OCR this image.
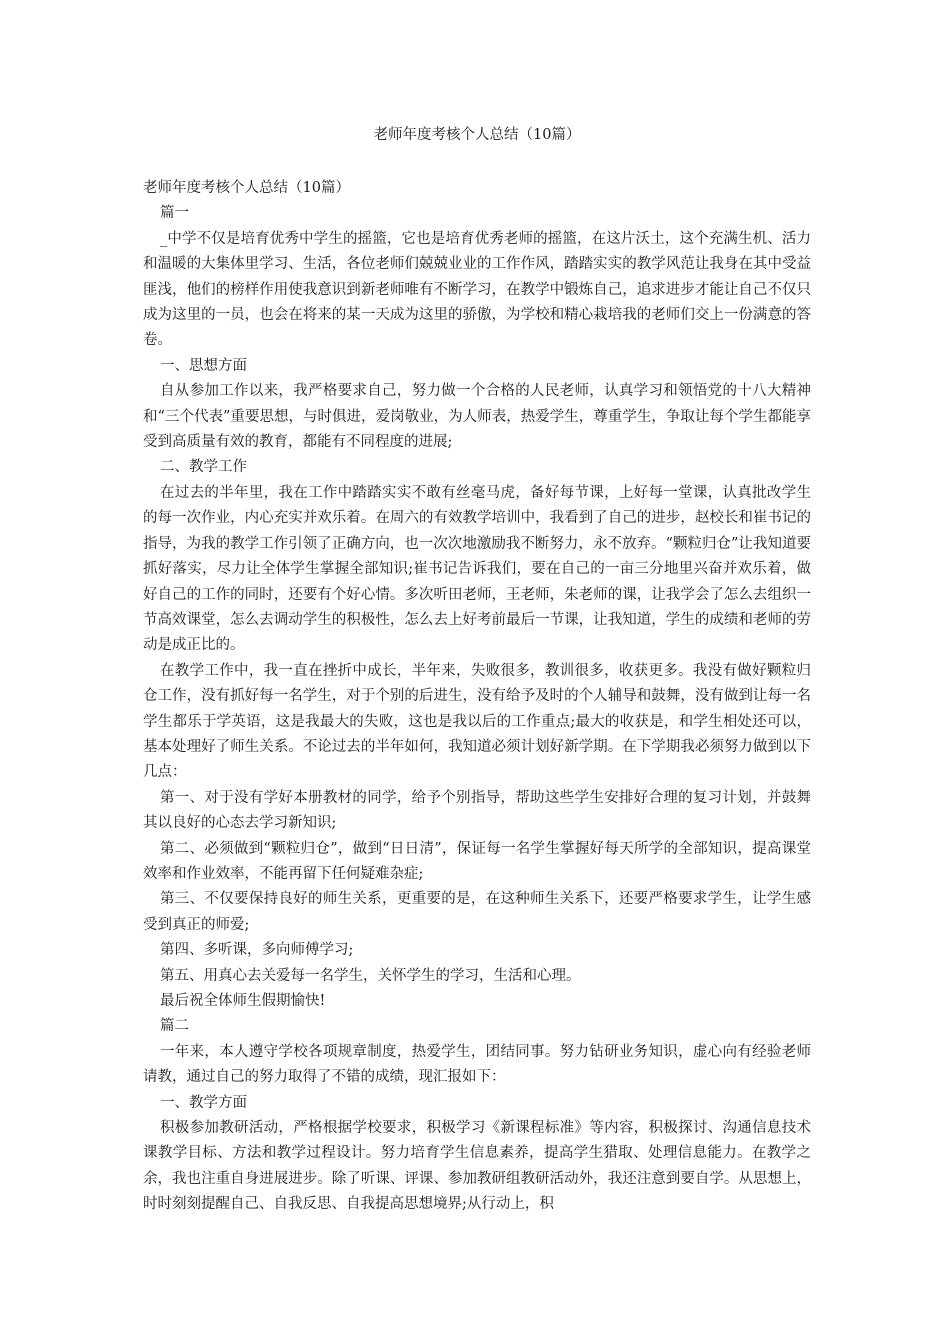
老师年度考核个人总结（10篇）

老师年度考核个人总结（10篇）

篇一

_中学不仅是培育优秀中学生的摇篮，它也是培育优秀老师的摇篮，在这片沃土，这个充满生机、活力和温暖的大集体里学习、生活，各位老师们兢兢业业的工作作风，踏踏实实的教学风范让我身在其中受益匪浅，他们的榜样作用使我意识到新老师唯有不断学习，在教学中锻炼自己，追求进步才能让自己不仅只成为这里的一员，也会在将来的某一天成为这里的骄傲，为学校和精心栽培我的老师们交上一份满意的答卷。

一、思想方面

自从参加工作以来，我严格要求自己，努力做一个合格的人民老师，认真学习和领悟党的十八大精神和“三个代表”重要思想，与时俱进，爱岗敬业，为人师表，热爱学生，尊重学生，争取让每个学生都能享受到高质量有效的教育，都能有不同程度的进展;

二、教学工作

在过去的半年里，我在工作中踏踏实实不敢有丝毫马虎，备好每节课，上好每一堂课，认真批改学生的每一次作业，内心充实并欢乐着。在周六的有效教学培训中，我看到了自己的进步，赵校长和崔书记的指导，为我的教学工作引领了正确方向，也一次次地激励我不断努力，永不放弃。“颗粒归仓”让我知道要抓好落实，尽力让全体学生掌握全部知识;崔书记告诉我们，要在自己的一亩三分地里兴奋并欢乐着，做好自己的工作的同时，还要有个好心情。多次听田老师，王老师，朱老师的课，让我学会了怎么去组织一节高效课堂，怎么去调动学生的积极性，怎么去上好考前最后一节课，让我知道，学生的成绩和老师的劳动是成正比的。

在教学工作中，我一直在挫折中成长，半年来，失败很多，教训很多，收获更多。我没有做好颗粒归仓工作，没有抓好每一名学生，对于个别的后进生，没有给予及时的个人辅导和鼓舞，没有做到让每一名学生都乐于学英语，这是我最大的失败，这也是我以后的工作重点;最大的收获是，和学生相处还可以，基本处理好了师生关系。不论过去的半年如何，我知道必须计划好新学期。在下学期我必须努力做到以下几点：

第一、对于没有学好本册教材的同学，给予个别指导，帮助这些学生安排好合理的复习计划，并鼓舞其以良好的心态去学习新知识;

第二、必须做到“颗粒归仓”，做到“日日清”，保证每一名学生掌握好每天所学的全部知识，提高课堂效率和作业效率，不能再留下任何疑难杂症;

第三、不仅要保持良好的师生关系，更重要的是，在这种师生关系下，还要严格要求学生，让学生感受到真正的师爱;

第四、多听课，多向师傅学习;

第五、用真心去关爱每一名学生，关怀学生的学习，生活和心理。

最后祝全体师生假期愉快!

篇二

一年来，本人遵守学校各项规章制度，热爱学生，团结同事。努力钻研业务知识，虚心向有经验老师请教，通过自己的努力取得了不错的成绩，现汇报如下：

一、教学方面

积极参加教研活动，严格根据学校要求，积极学习《新课程标准》等内容，积极探讨、沟通信息技术课教学目标、方法和教学过程设计。努力培育学生信息素养，提高学生猎取、处理信息能力。在教学之余，我也注重自身进展进步。除了听课、评课、参加教研组教研活动外，我还注意到要自学。从思想上，时时刻刻提醒自己、自我反思、自我提高思想境界;从行动上，积
